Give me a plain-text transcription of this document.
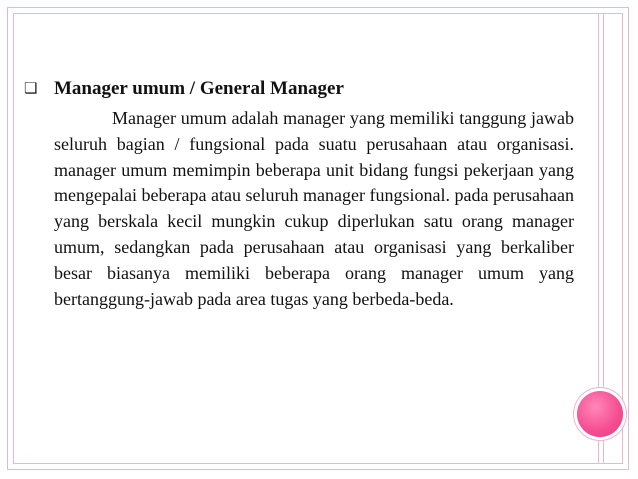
❏ Manager umum / General Manager

Manager umum adalah manager yang memiliki tanggung jawab seluruh bagian / fungsional pada suatu perusahaan atau organisasi. manager umum memimpin beberapa unit bidang fungsi pekerjaan yang mengepalai beberapa atau seluruh manager fungsional. pada perusahaan yang berskala kecil mungkin cukup diperlukan satu orang manager umum, sedangkan pada perusahaan atau organisasi yang berkaliber besar biasanya memiliki beberapa orang manager umum yang bertanggung-jawab pada area tugas yang berbeda-beda.
